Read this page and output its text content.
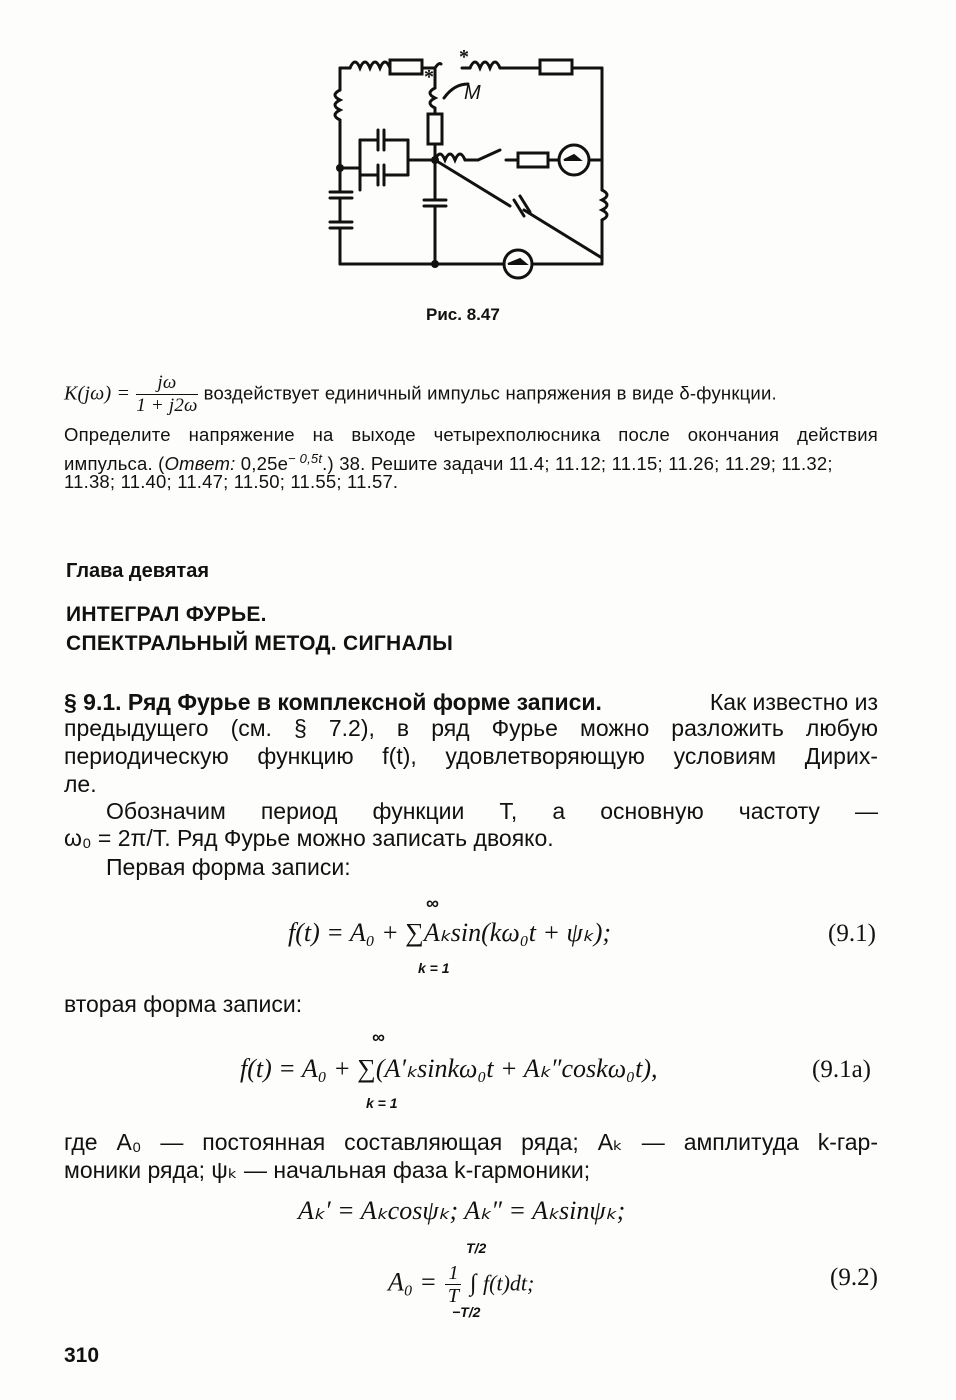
*
*
M
Рис. 8.47
$K(j\omega) = \frac{j\omega}{1 + j2\omega}$ воздействует единичный импульс напряжения в виде δ-функции.
Определите напряжение на выходе четырехполюсника после окончания действия
импульса. (Ответ: $0,25e^{- 0,5t}$.) 38. Решите задачи 11.4; 11.12; 11.15; 11.26; 11.29; 11.32;
11.38; 11.40; 11.47; 11.50; 11.55; 11.57.
Глава девятая
ИНТЕГРАЛ ФУРЬЕ.
СПЕКТРАЛЬНЫЙ МЕТОД. СИГНАЛЫ
§ 9.1. Ряд Фурье в комплексной форме записи.	Как известно из
предыдущего (см. § 7.2), в ряд Фурье можно разложить любую
периодическую функцию f(t), удовлетворяющую условиям Дирих-
ле.
Обозначим период функции T, а основную частоту —
ω₀ = 2π/T. Ряд Фурье можно записать двояко.
Первая форма записи:
∞
f(t) = A₀ + ∑Aₖsin(kω₀t + ψₖ);
k = 1
(9.1)
вторая форма записи:
∞
f(t) = A₀ + ∑(A′ₖsinkω₀t + Aₖ″coskω₀t),
k = 1
(9.1а)
где A₀ — постоянная составляющая ряда; Aₖ — амплитуда k-гар-
моники ряда; ψₖ — начальная фаза k-гармоники;
Aₖ′ = Aₖcosψₖ; Aₖ″ = Aₖsinψₖ;
T/2
$A_0 = \frac{1}{T}$ ∫ f(t)dt;
−T/2
(9.2)
310
